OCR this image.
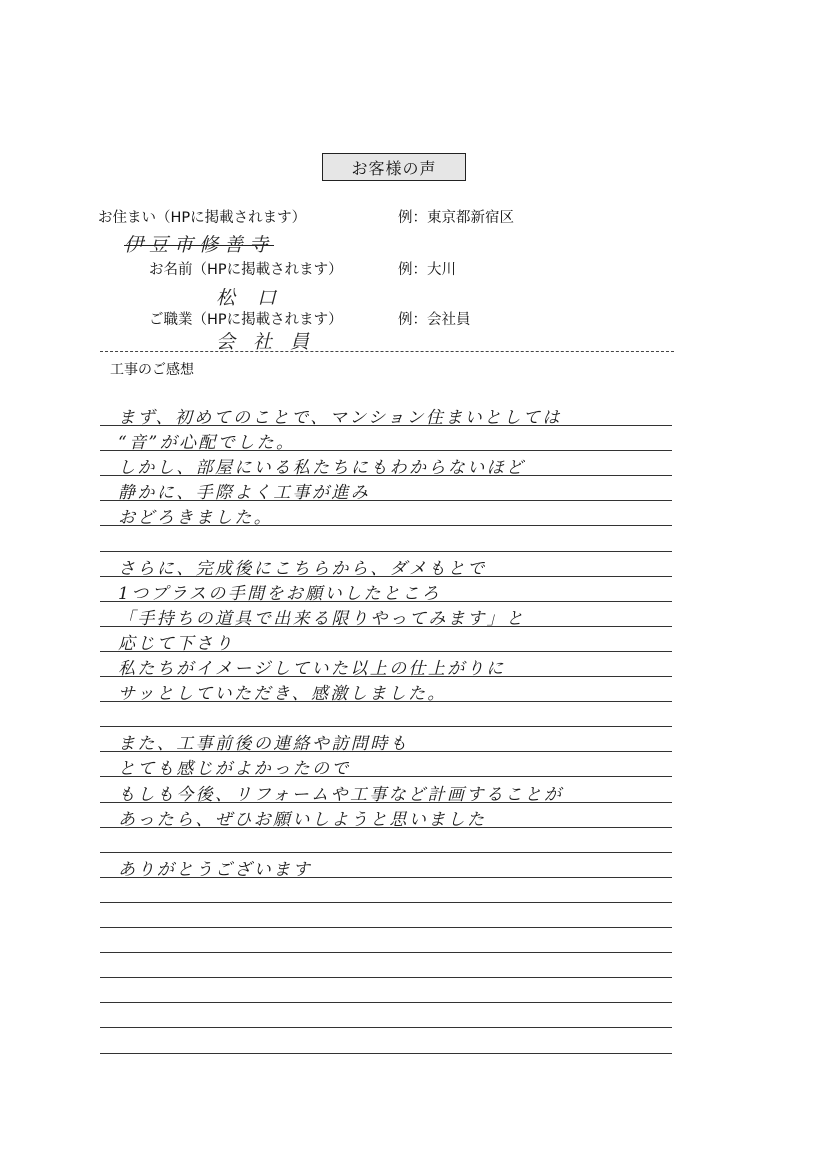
お客様の声
お住まい（HPに掲載されます）	例：東京都新宿区
伊豆市修善寺
お名前（HPに掲載されます）	例：大川
松口
ご職業（HPに掲載されます）	例：会社員
会社員
工事のご感想
まず、初めてのことで、マンション住まいとしては
“音”が心配でした。
しかし、部屋にいる私たちにもわからないほど
静かに、手際よく工事が進み
おどろきました。
さらに、完成後にこちらから、ダメもとで
1つプラスの手間をお願いしたところ
「手持ちの道具で出来る限りやってみます」と
応じて下さり
私たちがイメージしていた以上の仕上がりに
サッとしていただき、感激しました。
また、工事前後の連絡や訪問時も
とても感じがよかったので
もしも今後、リフォームや工事など計画することが
あったら、ぜひお願いしようと思いました
ありがとうございます
